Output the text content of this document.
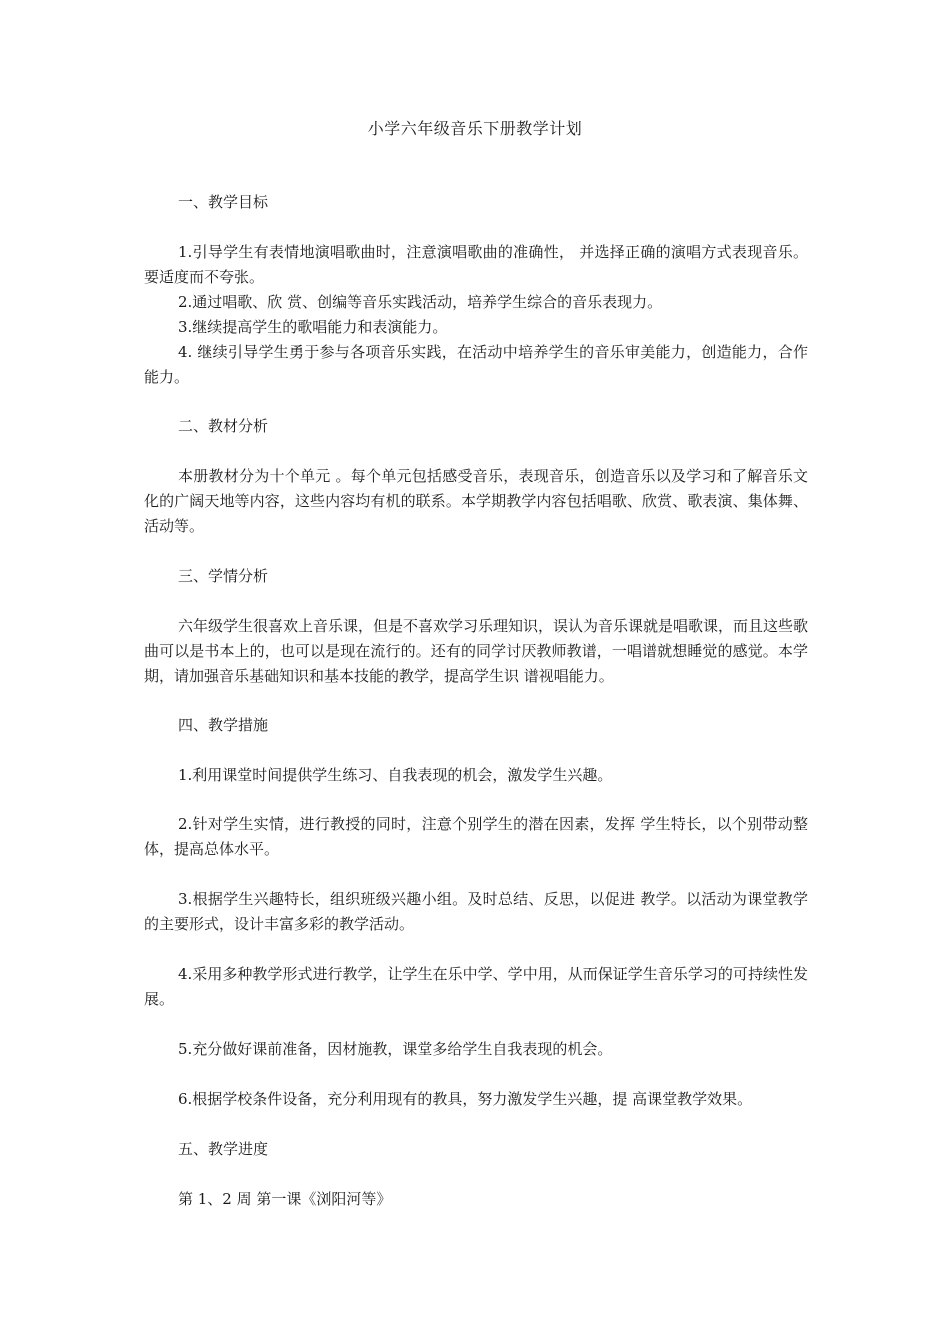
小学六年级音乐下册教学计划
一、教学目标

1.引导学生有表情地演唱歌曲时，注意演唱歌曲的准确性， 并选择正确的演唱方式表现音乐。要适度而不夸张。

2.通过唱歌、欣 赏、创编等音乐实践活动，培养学生综合的音乐表现力。

3.继续提高学生的歌唱能力和表演能力。

4. 继续引导学生勇于参与各项音乐实践，在活动中培养学生的音乐审美能力，创造能力，合作能力。

二、教材分析

本册教材分为十个单元 。每个单元包括感受音乐，表现音乐，创造音乐以及学习和了解音乐文化的广阔天地等内容，这些内容均有机的联系。本学期教学内容包括唱歌、欣赏、歌表演、集体舞、活动等。

三、学情分析

六年级学生很喜欢上音乐课，但是不喜欢学习乐理知识，误认为音乐课就是唱歌课，而且这些歌曲可以是书本上的，也可以是现在流行的。还有的同学讨厌教师教谱，一唱谱就想睡觉的感觉。本学期，请加强音乐基础知识和基本技能的教学，提高学生识 谱视唱能力。

四、教学措施

1.利用课堂时间提供学生练习、自我表现的机会，激发学生兴趣。

2.针对学生实情，进行教授的同时，注意个别学生的潜在因素，发挥 学生特长，以个别带动整体，提高总体水平。

3.根据学生兴趣特长，组织班级兴趣小组。及时总结、反思，以促进 教学。以活动为课堂教学的主要形式，设计丰富多彩的教学活动。

4.采用多种教学形式进行教学，让学生在乐中学、学中用，从而保证学生音乐学习的可持续性发展。

5.充分做好课前准备，因材施教，课堂多给学生自我表现的机会。

6.根据学校条件设备，充分利用现有的教具，努力激发学生兴趣，提 高课堂教学效果。

五、教学进度
第 1、2 周 第一课《浏阳河等》
